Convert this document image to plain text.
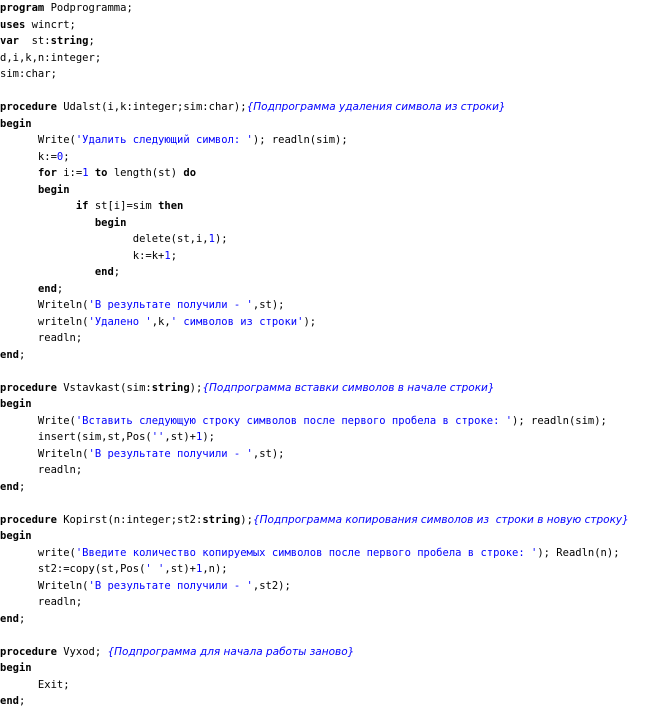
program Podprogramma;
uses wincrt;
var  st:string;
d,i,k,n:integer;
sim:char;
procedure Udalst(i,k:integer;sim:char);{Подпрограмма удаления символа из строки}
begin
Write('Удалить следующий символ: '); readln(sim);
k:=0;
for i:=1 to length(st) do
begin
if st[i]=sim then
begin
delete(st,i,1);
k:=k+1;
end;
end;
Writeln('В результате получили - ',st);
writeln('Удалено ',k,' символов из строки');
readln;
end;
procedure Vstavkast(sim:string);{Подпрограмма вставки символов в начале строки}
begin
Write('Вставить следующую строку символов после первого пробела в строке: '); readln(sim);
insert(sim,st,Pos('',st)+1);
Writeln('В результате получили - ',st);
readln;
end;
procedure Kopirst(n:integer;st2:string);{Подпрограмма копирования символов из  строки в новую строку}
begin
write('Введите количество копируемых символов после первого пробела в строке: '); Readln(n);
st2:=copy(st,Pos(' ',st)+1,n);
Writeln('В результате получили - ',st2);
readln;
end;
procedure Vyxod; {Подпрограмма для начала работы заново}
begin
Exit;
end;
